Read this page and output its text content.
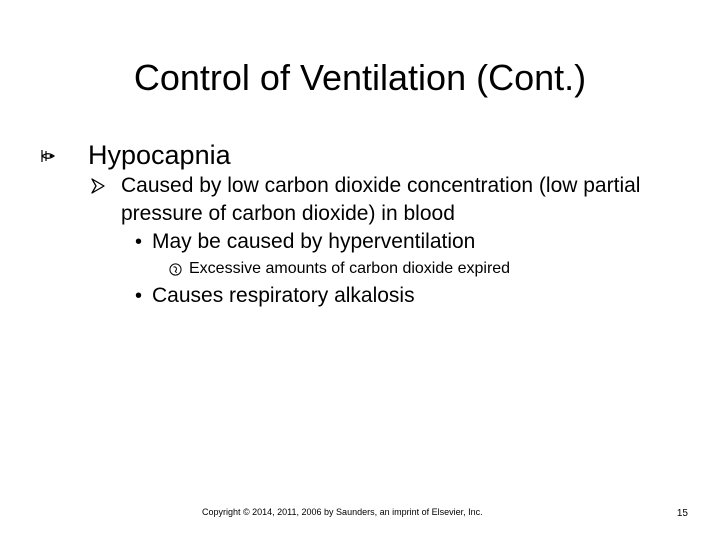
Control of Ventilation (Cont.)
Hypocapnia
Caused by low carbon dioxide concentration (low partial pressure of carbon dioxide) in blood
• May be caused by hyperventilation
Excessive amounts of carbon dioxide expired
• Causes respiratory alkalosis
Copyright © 2014, 2011, 2006 by Saunders, an imprint of Elsevier, Inc.	15
